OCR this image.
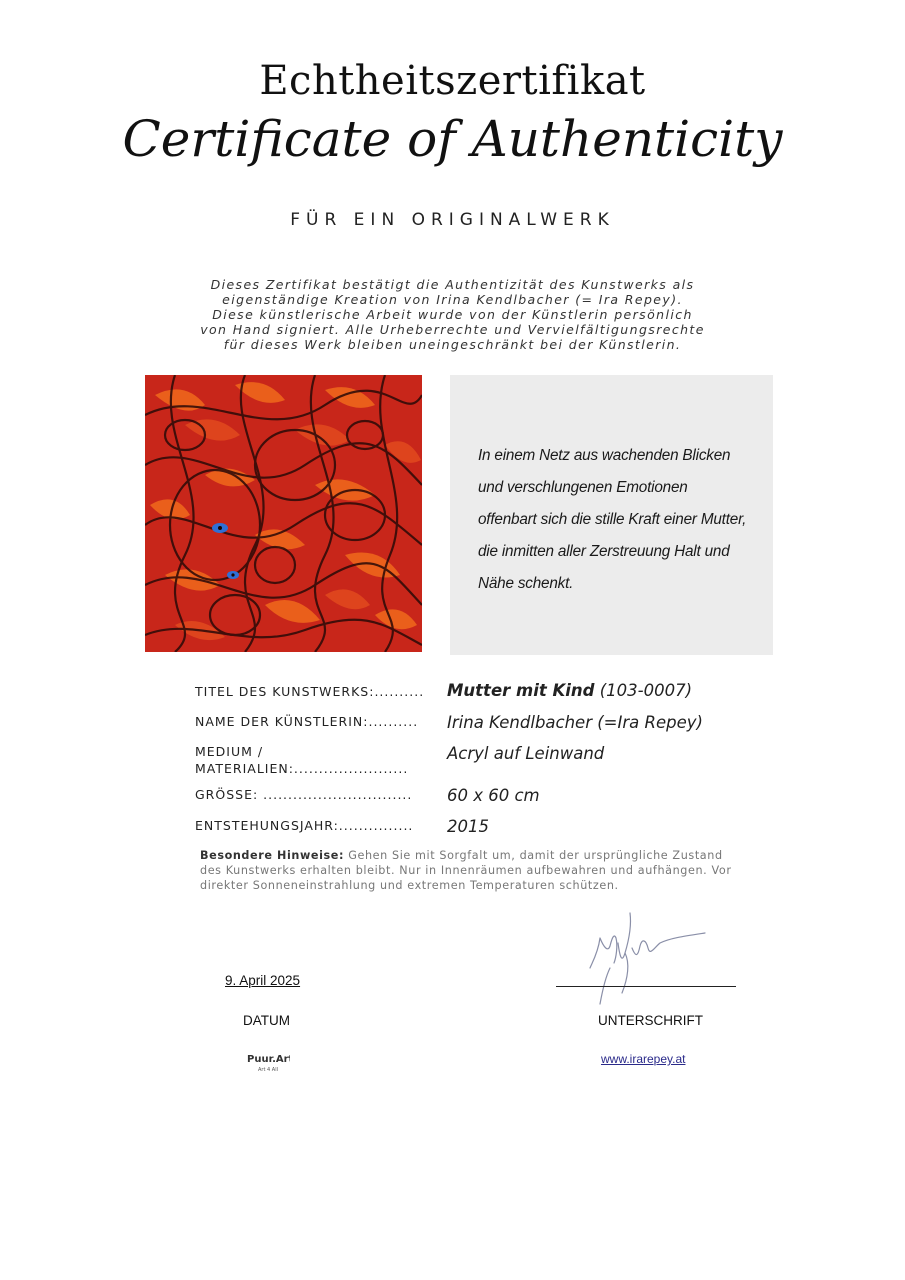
Echtheitszertifikat
Certificate of Authenticity
FÜR EIN ORIGINALWERK
Dieses Zertifikat bestätigt die Authentizität des Kunstwerks als
eigenständige Kreation von Irina Kendlbacher (= Ira Repey).
Diese künstlerische Arbeit wurde von der Künstlerin persönlich
von Hand signiert. Alle Urheberrechte und Vervielfältigungsrechte
für dieses Werk bleiben uneingeschränkt bei der Künstlerin.
In einem Netz aus wachenden Blicken
und verschlungenen Emotionen
offenbart sich die stille Kraft einer Mutter,
die inmitten aller Zerstreuung Halt und
Nähe schenkt.
TITEL DES KUNSTWERKS:.......... Mutter mit Kind (103-0007)
NAME DER KÜNSTLERIN:.......... Irina Kendlbacher (=Ira Repey)
MEDIUM /
MATERIALIEN:.......................
Acryl auf Leinwand
GRÖSSE: .............................. 60 x 60 cm
ENTSTEHUNGSJAHR:............... 2015
Besondere Hinweise: Gehen Sie mit Sorgfalt um, damit der ursprüngliche Zustand des Kunstwerks erhalten bleibt. Nur in Innenräumen aufbewahren und aufhängen. Vor direkter Sonneneinstrahlung und extremen Temperaturen schützen.
9. April 2025
DATUM	UNTERSCHRIFT
Puur.Art
Art 4 All
www.irarepey.at
